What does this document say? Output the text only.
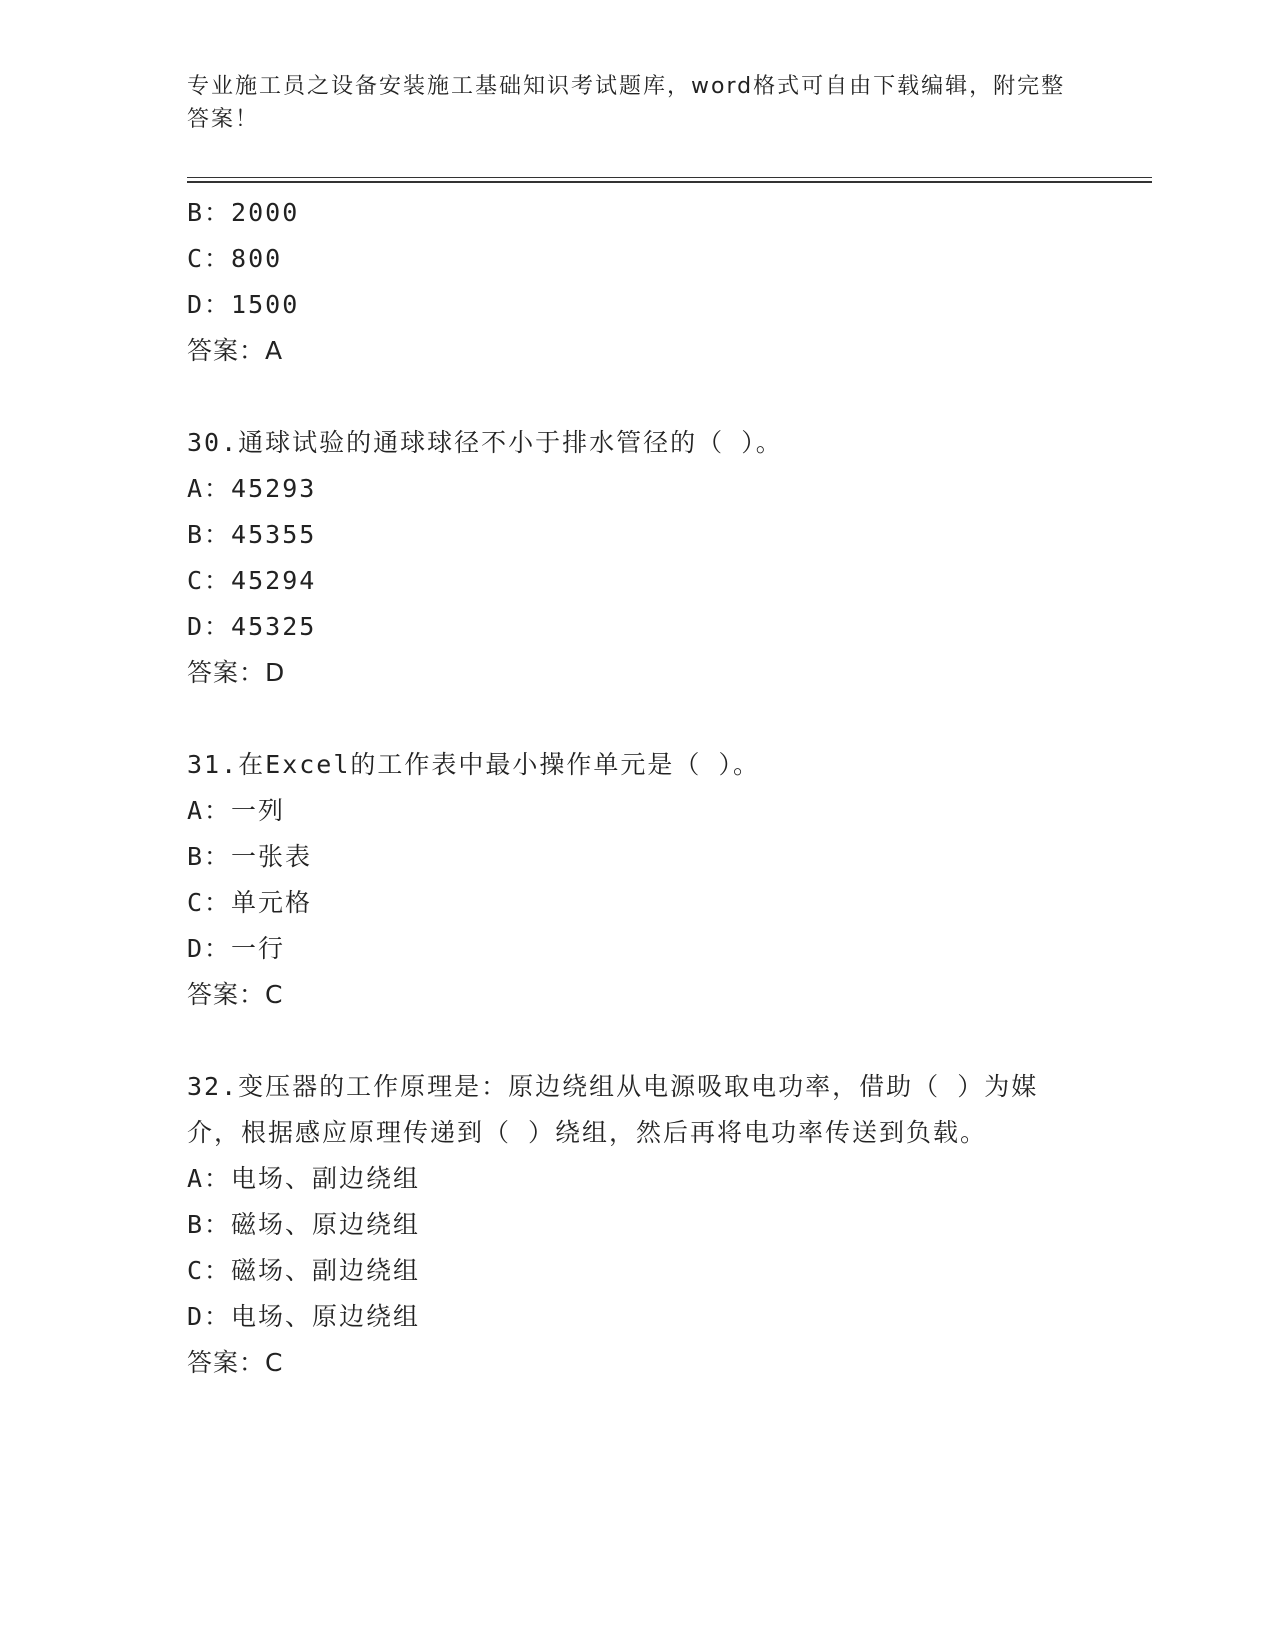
专业施工员之设备安装施工基础知识考试题库，word格式可自由下载编辑，附完整答案！
B：2000
C：800
D：1500
答案：A
30.通球试验的通球球径不小于排水管径的（ ）。
A：45293
B：45355
C：45294
D：45325
答案：D
31.在Excel的工作表中最小操作单元是（ ）。
A：一列
B：一张表
C：单元格
D：一行
答案：C
32.变压器的工作原理是：原边绕组从电源吸取电功率，借助（ ）为媒介，根据感应原理传递到（ ）绕组，然后再将电功率传送到负载。
A：电场、副边绕组
B：磁场、原边绕组
C：磁场、副边绕组
D：电场、原边绕组
答案：C
